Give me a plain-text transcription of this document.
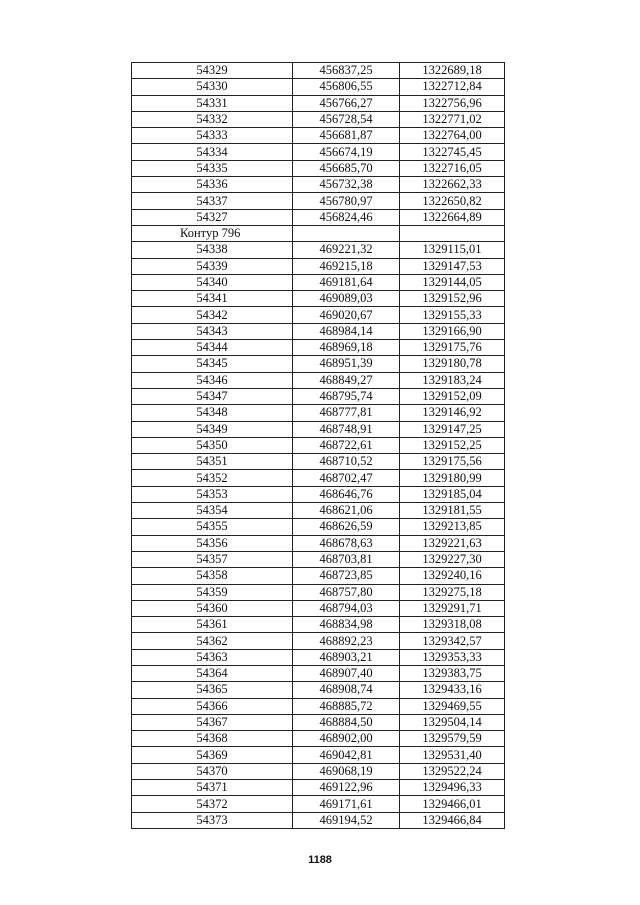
54329	456837,25	1322689,18
54330	456806,55	1322712,84
54331	456766,27	1322756,96
54332	456728,54	1322771,02
54333	456681,87	1322764,00
54334	456674,19	1322745,45
54335	456685,70	1322716,05
54336	456732,38	1322662,33
54337	456780,97	1322650,82
54327	456824,46	1322664,89
Контур 796		
54338	469221,32	1329115,01
54339	469215,18	1329147,53
54340	469181,64	1329144,05
54341	469089,03	1329152,96
54342	469020,67	1329155,33
54343	468984,14	1329166,90
54344	468969,18	1329175,76
54345	468951,39	1329180,78
54346	468849,27	1329183,24
54347	468795,74	1329152,09
54348	468777,81	1329146,92
54349	468748,91	1329147,25
54350	468722,61	1329152,25
54351	468710,52	1329175,56
54352	468702,47	1329180,99
54353	468646,76	1329185,04
54354	468621,06	1329181,55
54355	468626,59	1329213,85
54356	468678,63	1329221,63
54357	468703,81	1329227,30
54358	468723,85	1329240,16
54359	468757,80	1329275,18
54360	468794,03	1329291,71
54361	468834,98	1329318,08
54362	468892,23	1329342,57
54363	468903,21	1329353,33
54364	468907,40	1329383,75
54365	468908,74	1329433,16
54366	468885,72	1329469,55
54367	468884,50	1329504,14
54368	468902,00	1329579,59
54369	469042,81	1329531,40
54370	469068,19	1329522,24
54371	469122,96	1329496,33
54372	469171,61	1329466,01
54373	469194,52	1329466,84
1188
